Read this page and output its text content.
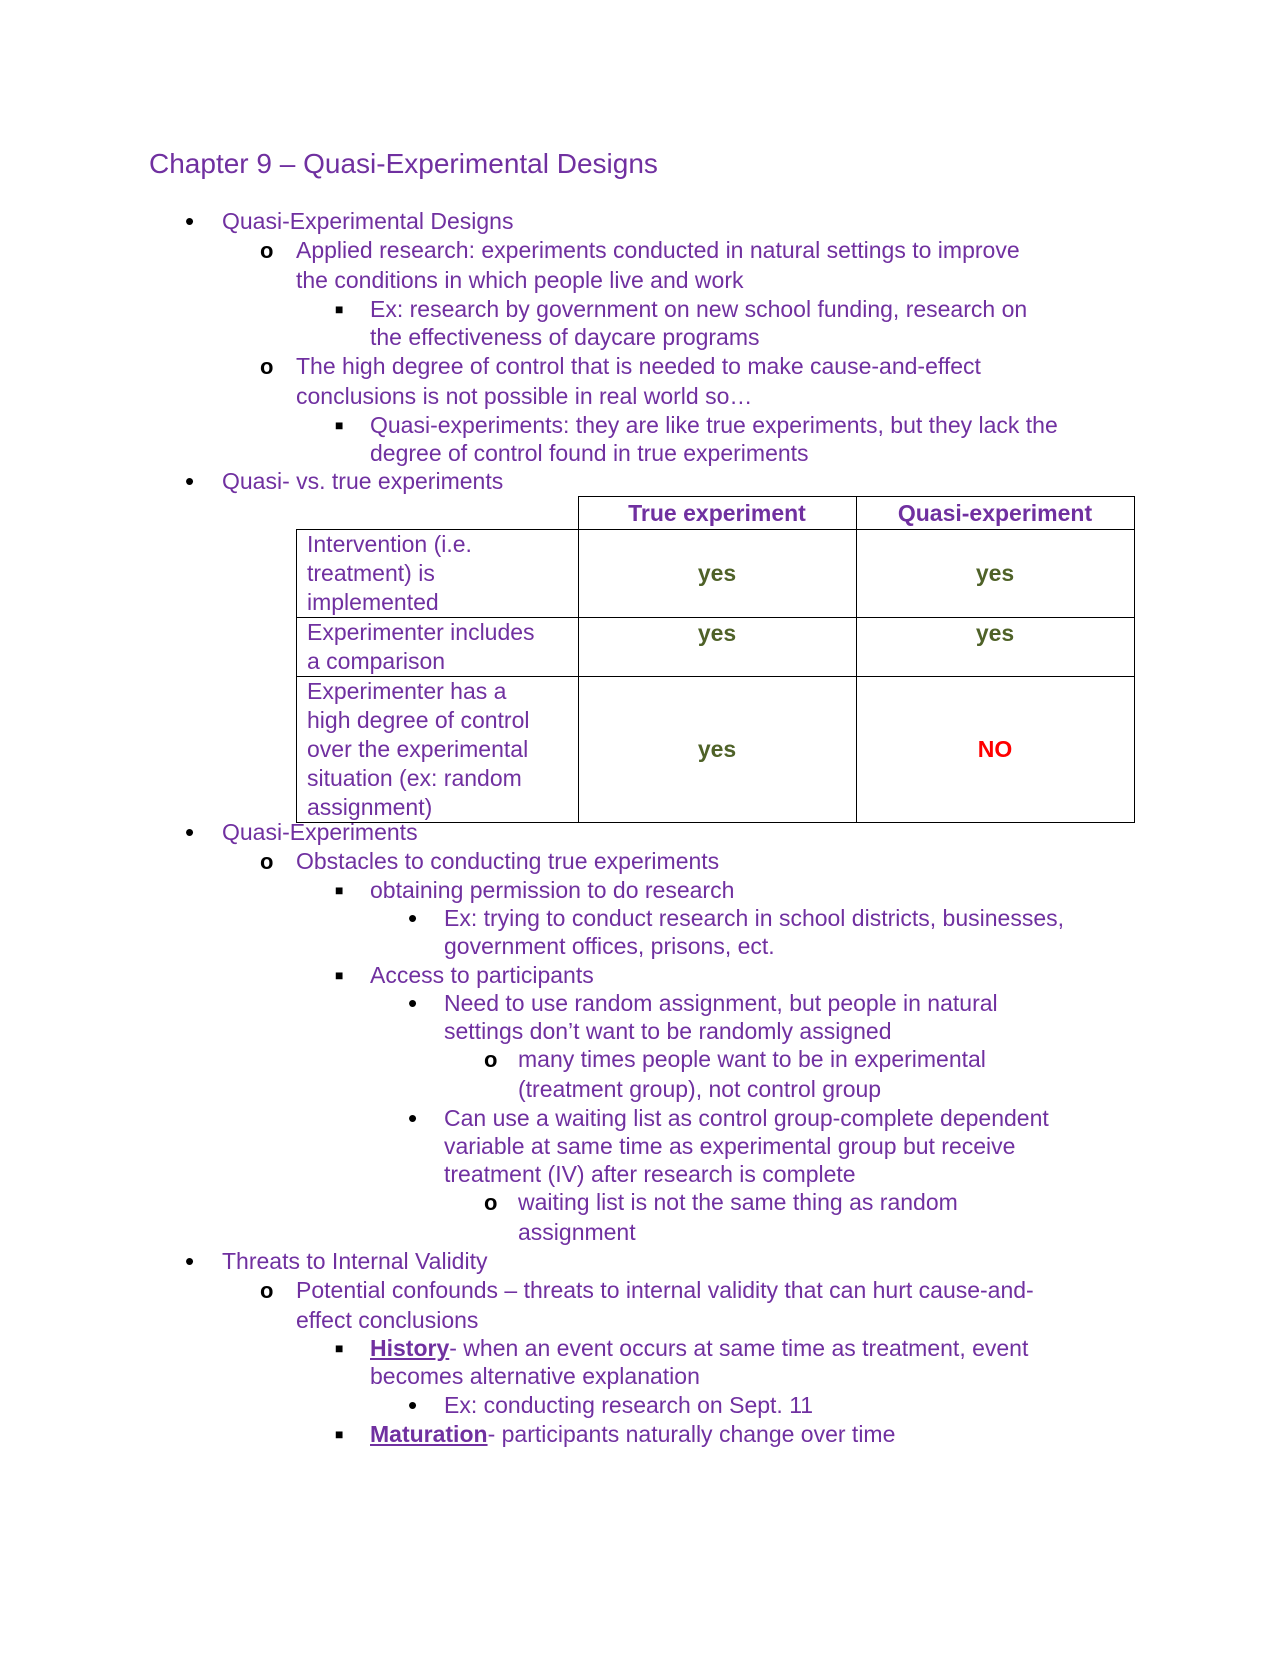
Chapter 9 – Quasi-Experimental Designs
• Quasi-Experimental Designs
o Applied research: experiments conducted in natural settings to improve
the conditions in which people live and work
■ Ex: research by government on new school funding, research on
the effectiveness of daycare programs
o The high degree of control that is needed to make cause-and-effect
conclusions is not possible in real world so…
■ Quasi-experiments: they are like true experiments, but they lack the
degree of control found in true experiments
• Quasi- vs. true experiments
	True experiment	Quasi-experiment

Intervention (i.e.
treatment) is
implemented	yes	yes

Experimenter includes
a comparison	yes	yes

Experimenter has a
high degree of control
over the experimental
situation (ex: random
assignment)	yes	NO
• Quasi-Experiments
o Obstacles to conducting true experiments
■ obtaining permission to do research
• Ex: trying to conduct research in school districts, businesses,
government offices, prisons, ect.
■ Access to participants
• Need to use random assignment, but people in natural
settings don’t want to be randomly assigned
o many times people want to be in experimental
(treatment group), not control group
• Can use a waiting list as control group-complete dependent
variable at same time as experimental group but receive
treatment (IV) after research is complete
o waiting list is not the same thing as random
assignment
• Threats to Internal Validity
o Potential confounds – threats to internal validity that can hurt cause-and-
effect conclusions
■ History- when an event occurs at same time as treatment, event
becomes alternative explanation
• Ex: conducting research on Sept. 11
■ Maturation- participants naturally change over time
